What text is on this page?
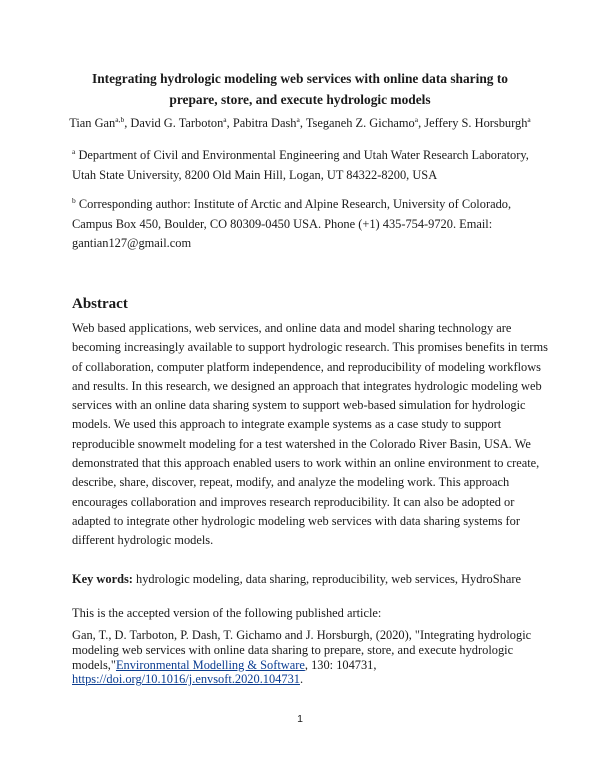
Integrating hydrologic modeling web services with online data sharing to
prepare, store, and execute hydrologic models
Tian Gan$^{a,b}$, David G. Tarboton$^a$, Pabitra Dash$^a$, Tseganeh Z. Gichamo$^a$, Jeffery S. Horsburgh$^a$
$^a$ Department of Civil and Environmental Engineering and Utah Water Research Laboratory,
Utah State University, 8200 Old Main Hill, Logan, UT 84322-8200, USA
$^b$ Corresponding author: Institute of Arctic and Alpine Research, University of Colorado,
Campus Box 450, Boulder, CO 80309-0450 USA. Phone (+1) 435-754-9720. Email:
gantian127@gmail.com
Abstract
Web based applications, web services, and online data and model sharing technology are
becoming increasingly available to support hydrologic research. This promises benefits in terms
of collaboration, computer platform independence, and reproducibility of modeling workflows
and results. In this research, we designed an approach that integrates hydrologic modeling web
services with an online data sharing system to support web-based simulation for hydrologic
models. We used this approach to integrate example systems as a case study to support
reproducible snowmelt modeling for a test watershed in the Colorado River Basin, USA. We
demonstrated that this approach enabled users to work within an online environment to create,
describe, share, discover, repeat, modify, and analyze the modeling work. This approach
encourages collaboration and improves research reproducibility. It can also be adopted or
adapted to integrate other hydrologic modeling web services with data sharing systems for
different hydrologic models.
Key words: hydrologic modeling, data sharing, reproducibility, web services, HydroShare
This is the accepted version of the following published article:
Gan, T., D. Tarboton, P. Dash, T. Gichamo and J. Horsburgh, (2020), "Integrating hydrologic
modeling web services with online data sharing to prepare, store, and execute hydrologic
models,"Environmental Modelling & Software, 130: 104731,
https://doi.org/10.1016/j.envsoft.2020.104731.
1
